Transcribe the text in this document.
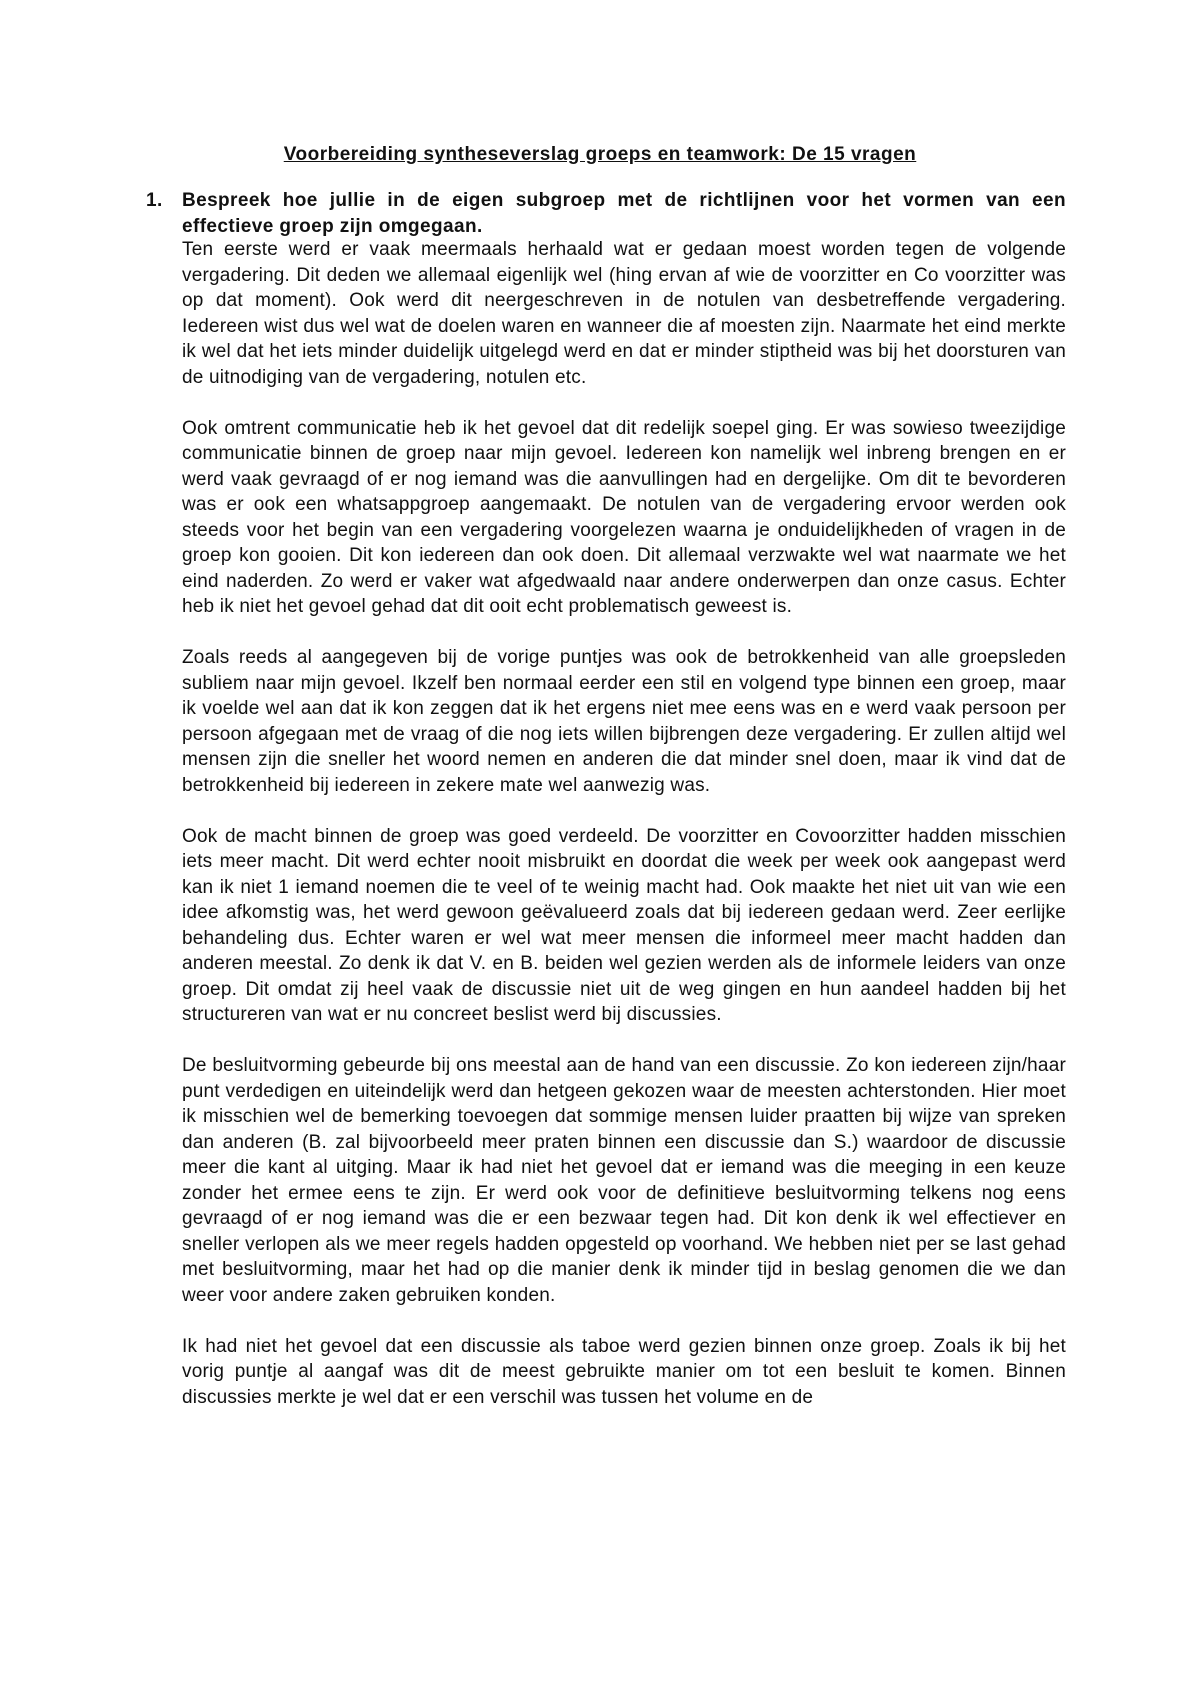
Voorbereiding syntheseverslag groeps en teamwork: De 15 vragen
1. Bespreek hoe jullie in de eigen subgroep met de richtlijnen voor het vormen van een effectieve groep zijn omgegaan.

Ten eerste werd er vaak meermaals herhaald wat er gedaan moest worden tegen de volgende vergadering. Dit deden we allemaal eigenlijk wel (hing ervan af wie de voorzitter en Co voorzitter was op dat moment). Ook werd dit neergeschreven in de notulen van desbetreffende vergadering. Iedereen wist dus wel wat de doelen waren en wanneer die af moesten zijn. Naarmate het eind merkte ik wel dat het iets minder duidelijk uitgelegd werd en dat er minder stiptheid was bij het doorsturen van de uitnodiging van de vergadering, notulen etc.

Ook omtrent communicatie heb ik het gevoel dat dit redelijk soepel ging. Er was sowieso tweezijdige communicatie binnen de groep naar mijn gevoel. Iedereen kon namelijk wel inbreng brengen en er werd vaak gevraagd of er nog iemand was die aanvullingen had en dergelijke. Om dit te bevorderen was er ook een whatsappgroep aangemaakt. De notulen van de vergadering ervoor werden ook steeds voor het begin van een vergadering voorgelezen waarna je onduidelijkheden of vragen in de groep kon gooien. Dit kon iedereen dan ook doen. Dit allemaal verzwakte wel wat naarmate we het eind naderden. Zo werd er vaker wat afgedwaald naar andere onderwerpen dan onze casus. Echter heb ik niet het gevoel gehad dat dit ooit echt problematisch geweest is.

Zoals reeds al aangegeven bij de vorige puntjes was ook de betrokkenheid van alle groepsleden subliem naar mijn gevoel. Ikzelf ben normaal eerder een stil en volgend type binnen een groep, maar ik voelde wel aan dat ik kon zeggen dat ik het ergens niet mee eens was en e werd vaak persoon per persoon afgegaan met de vraag of die nog iets willen bijbrengen deze vergadering. Er zullen altijd wel mensen zijn die sneller het woord nemen en anderen die dat minder snel doen, maar ik vind dat de betrokkenheid bij iedereen in zekere mate wel aanwezig was.

Ook de macht binnen de groep was goed verdeeld. De voorzitter en Covoorzitter hadden misschien iets meer macht. Dit werd echter nooit misbruikt en doordat die week per week ook aangepast werd kan ik niet 1 iemand noemen die te veel of te weinig macht had. Ook maakte het niet uit van wie een idee afkomstig was, het werd gewoon geëvalueerd zoals dat bij iedereen gedaan werd. Zeer eerlijke behandeling dus. Echter waren er wel wat meer mensen die informeel meer macht hadden dan anderen meestal. Zo denk ik dat V. en B. beiden wel gezien werden als de informele leiders van onze groep. Dit omdat zij heel vaak de discussie niet uit de weg gingen en hun aandeel hadden bij het structureren van wat er nu concreet beslist werd bij discussies.

De besluitvorming gebeurde bij ons meestal aan de hand van een discussie. Zo kon iedereen zijn/haar punt verdedigen en uiteindelijk werd dan hetgeen gekozen waar de meesten achterstonden. Hier moet ik misschien wel de bemerking toevoegen dat sommige mensen luider praatten bij wijze van spreken dan anderen (B. zal bijvoorbeeld meer praten binnen een discussie dan S.) waardoor de discussie meer die kant al uitging. Maar ik had niet het gevoel dat er iemand was die meeging in een keuze zonder het ermee eens te zijn. Er werd ook voor de definitieve besluitvorming telkens nog eens gevraagd of er nog iemand was die er een bezwaar tegen had. Dit kon denk ik wel effectiever en sneller verlopen als we meer regels hadden opgesteld op voorhand. We hebben niet per se last gehad met besluitvorming, maar het had op die manier denk ik minder tijd in beslag genomen die we dan weer voor andere zaken gebruiken konden.

Ik had niet het gevoel dat een discussie als taboe werd gezien binnen onze groep. Zoals ik bij het vorig puntje al aangaf was dit de meest gebruikte manier om tot een besluit te komen. Binnen discussies merkte je wel dat er een verschil was tussen het volume en de
